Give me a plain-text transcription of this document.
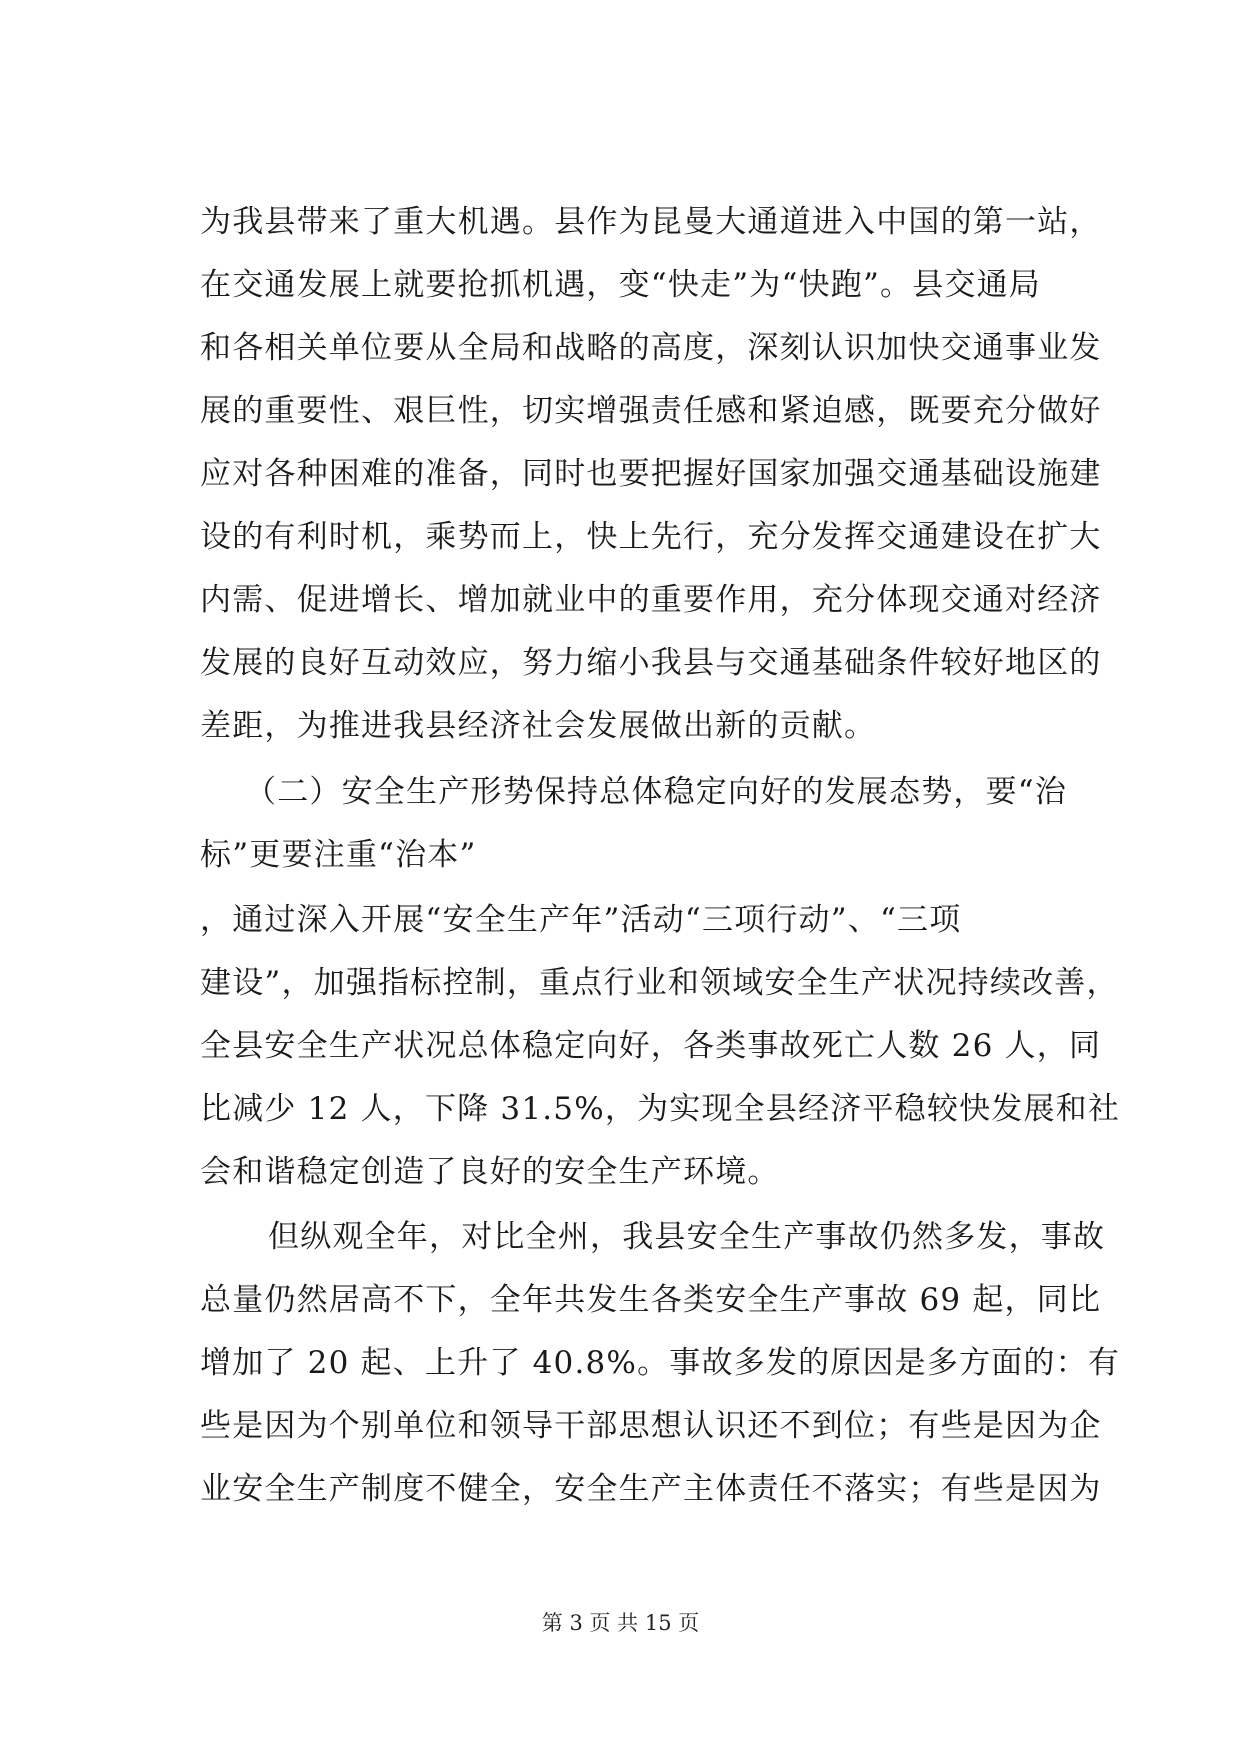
为我县带来了重大机遇。县作为昆曼大通道进入中国的第一站，
在交通发展上就要抢抓机遇，变“快走”为“快跑”。县交通局
和各相关单位要从全局和战略的高度，深刻认识加快交通事业发
展的重要性、艰巨性，切实增强责任感和紧迫感，既要充分做好
应对各种困难的准备，同时也要把握好国家加强交通基础设施建
设的有利时机，乘势而上，快上先行，充分发挥交通建设在扩大
内需、促进增长、增加就业中的重要作用，充分体现交通对经济
发展的良好互动效应，努力缩小我县与交通基础条件较好地区的
差距，为推进我县经济社会发展做出新的贡献。
（二）安全生产形势保持总体稳定向好的发展态势，要“治
标”更要注重“治本”
，通过深入开展“安全生产年”活动“三项行动”、“三项
建设”，加强指标控制，重点行业和领域安全生产状况持续改善，
全县安全生产状况总体稳定向好，各类事故死亡人数 26 人，同
比减少 12 人，下降 31.5%，为实现全县经济平稳较快发展和社
会和谐稳定创造了良好的安全生产环境。
但纵观全年，对比全州，我县安全生产事故仍然多发，事故
总量仍然居高不下，全年共发生各类安全生产事故 69 起，同比
增加了 20 起、上升了 40.8%。事故多发的原因是多方面的：有
些是因为个别单位和领导干部思想认识还不到位；有些是因为企
业安全生产制度不健全，安全生产主体责任不落实；有些是因为
第 3 页 共 15 页
